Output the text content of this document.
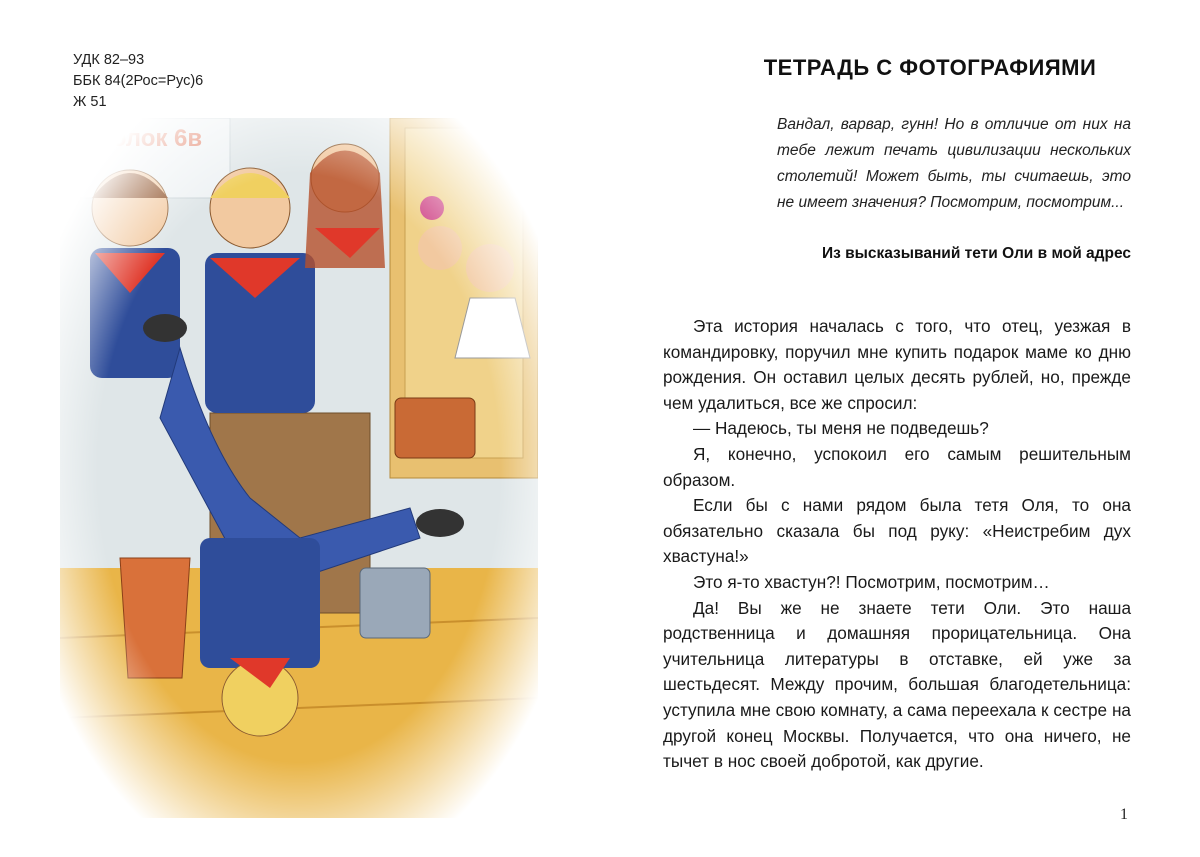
УДК 82–93
ББК 84(2Рос=Рус)6
Ж 51
ТЕТРАДЬ С ФОТОГРАФИЯМИ
Вандал, варвар, гунн! Но в отличие от них на тебе лежит печать цивилизации нескольких столетий! Может быть, ты считаешь, это не имеет значения? Посмотрим, посмотрим...
Из высказываний тети Оли в мой адрес

Эта история началась с того, что отец, уезжая в командировку, поручил мне купить подарок маме ко дню рождения. Он оставил целых десять рублей, но, прежде чем удалиться, все же спросил:

— Надеюсь, ты меня не подведешь?

Я, конечно, успокоил его самым решительным образом.

Если бы с нами рядом была тетя Оля, то она обязательно сказала бы под руку: «Неистребим дух хвастуна!»

Это я-то хвастун?! Посмотрим, посмотрим…

Да! Вы же не знаете тети Оли. Это наша родственница и домашняя прорицательница. Она учительница литературы в отставке, ей уже за шестьдесят. Между прочим, большая благодетельница: уступила мне свою комнату, а сама переехала к сестре на другой конец Москвы. Получается, что она ничего, не тычет в нос своей добротой, как другие.

1
